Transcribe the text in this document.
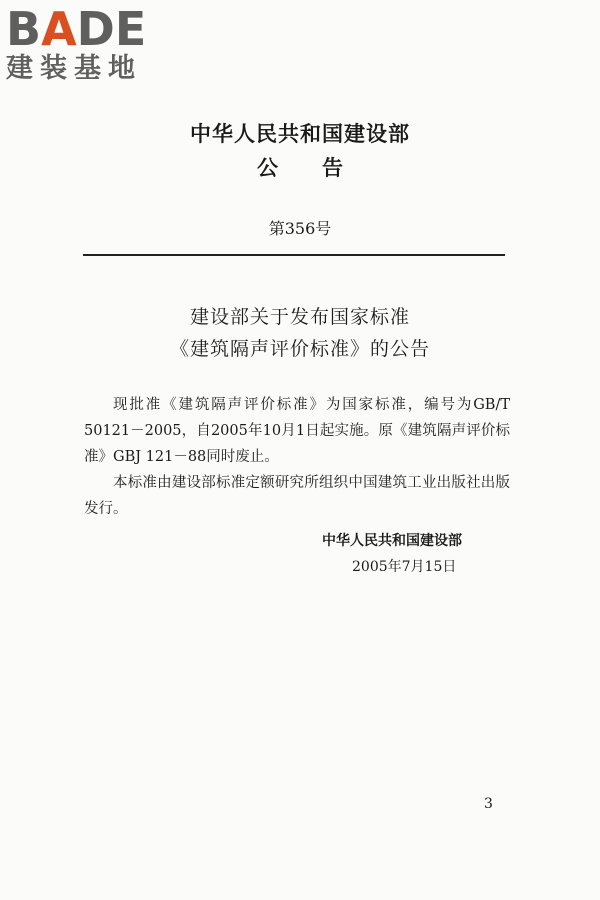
BADE
建装基地
中华人民共和国建设部
公告
第356号
建设部关于发布国家标准
《建筑隔声评价标准》的公告

现批准《建筑隔声评价标准》为国家标准，编号为GB/T 50121－2005，自2005年10月1日起实施。原《建筑隔声评价标准》GBJ 121－88同时废止。

本标准由建设部标准定额研究所组织中国建筑工业出版社出版发行。

中华人民共和国建设部
2005年7月15日
3
